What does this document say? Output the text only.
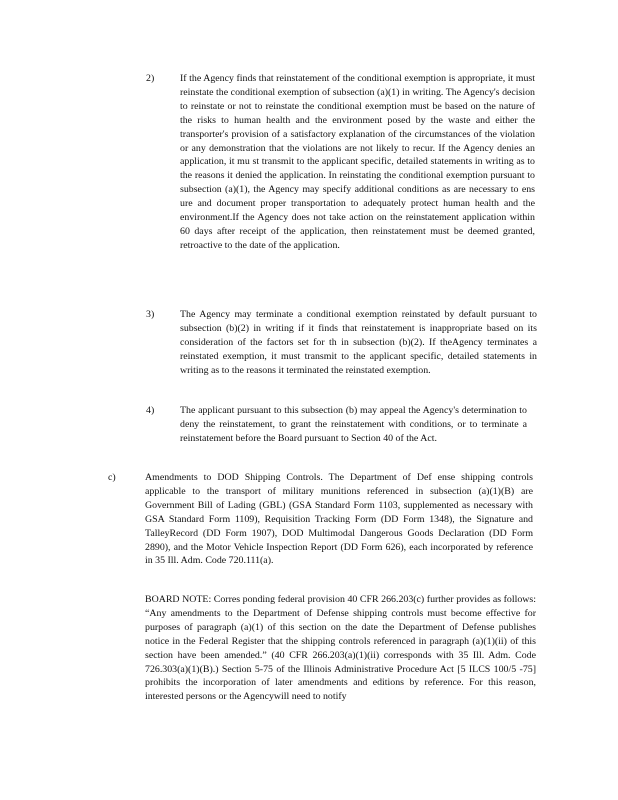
2)	If the Agency finds that reinstatement of the conditional exemption is appropriate, it must reinstate the conditional exemption of subsection (a)(1) in writing. The Agency's decision to reinstate or not to reinstate the conditional exemption must be based on the nature of the risks to human health and the environment posed by the waste and either the transporter's provision of a satisfactory explanation of the circumstances of the violation or any demonstration that the violations are not likely to recur. If the Agency denies an application, it mu st transmit to the applicant specific, detailed statements in writing as to the reasons it denied the application. In reinstating the conditional exemption pursuant to subsection (a)(1), the Agency may specify additional conditions as are necessary to ens ure and document proper transportation to adequately protect human health and the environment.If the Agency does not take action on the reinstatement application within 60 days after receipt of the application, then reinstatement must be deemed granted, retroactive to the date of the application.
3)	The Agency may terminate a conditional exemption reinstated by default pursuant to subsection (b)(2) in writing if it finds that reinstatement is inappropriate based on its consideration of the factors set for th in subsection (b)(2). If theAgency terminates a reinstated exemption, it must transmit to the applicant specific, detailed statements in writing as to the reasons it terminated the reinstated exemption.
4)	The applicant pursuant to this subsection (b) may appeal the Agency's determination to deny the reinstatement, to grant the reinstatement with conditions, or to terminate a reinstatement before the Board pursuant to Section 40 of the Act.
c)	Amendments to DOD Shipping Controls. The Department of Def ense shipping controls applicable to the transport of military munitions referenced in subsection (a)(1)(B) are Government Bill of Lading (GBL) (GSA Standard Form 1103, supplemented as necessary with GSA Standard Form 1109), Requisition Tracking Form (DD Form 1348), the Signature and TalleyRecord (DD Form 1907), DOD Multimodal Dangerous Goods Declaration (DD Form 2890), and the Motor Vehicle Inspection Report (DD Form 626), each incorporated by reference in 35 Ill. Adm. Code 720.111(a).
BOARD NOTE: Corres ponding federal provision 40 CFR 266.203(c) further provides as follows: “Any amendments to the Department of Defense shipping controls must become effective for purposes of paragraph (a)(1) of this section on the date the Department of Defense publishes notice in the Federal Register that the shipping controls referenced in paragraph (a)(1)(ii) of this section have been amended.” (40 CFR 266.203(a)(1)(ii) corresponds with 35 Ill. Adm. Code 726.303(a)(1)(B).) Section 5-75 of the Illinois Administrative Procedure Act [5 ILCS 100/5 -75] prohibits the incorporation of later amendments and editions by reference. For this reason, interested persons or the Agencywill need to notify
